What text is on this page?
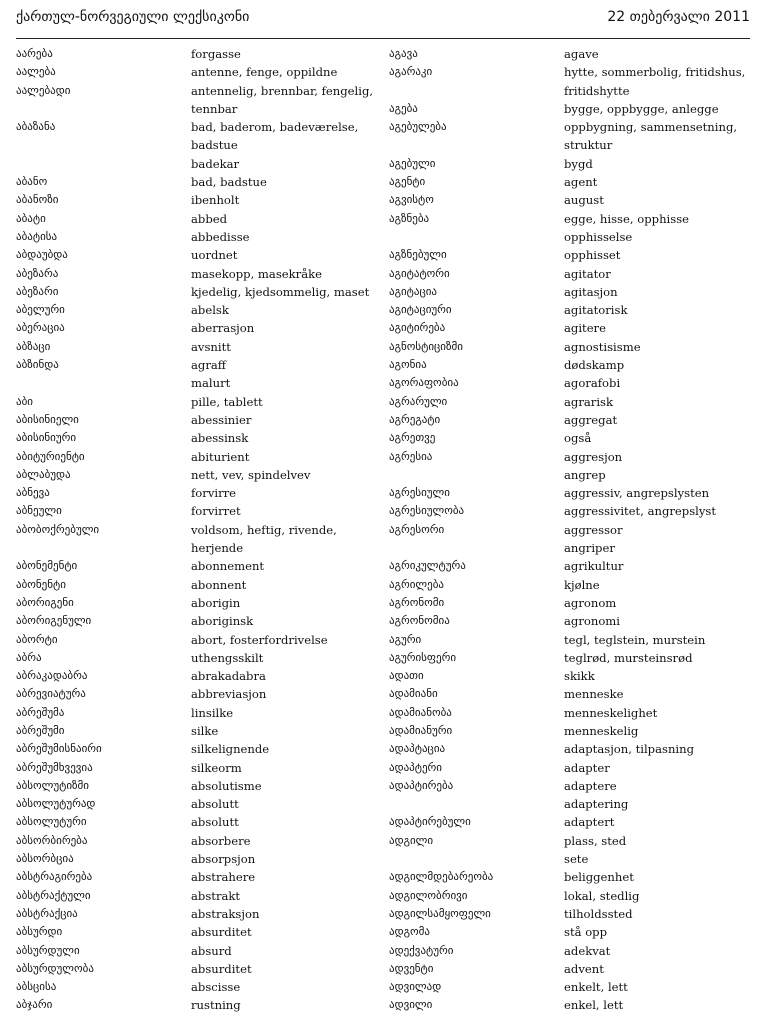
ქართულ-ნორვეგიული ლექსიკონი	22 თებერვალი 2011
აარება	forgasse
აალება	antenne, fenge, oppildne
აალებადი	antennelig, brennbar, fengelig,
tennbar
აბაზანა	bad, baderom, badeværelse,
badstue
badekar
აბანო	bad, badstue
აბანოზი	ibenholt
აბატი	abbed
აბატისა	abbedisse
აბდაუბდა	uordnet
აბეზარა	masekopp, masekråke
აბეზარი	kjedelig, kjedsommelig, maset
აბელური	abelsk
აბერაცია	aberrasjon
აბზაცი	avsnitt
აბზინდა	agraff
malurt
აბი	pille, tablett
აბისინიელი	abessinier
აბისინიური	abessinsk
აბიტურიენტი	abiturient
აბლაბუდა	nett, vev, spindelvev
აბნევა	forvirre
აბნეული	forvirret
აბობოქრებული	voldsom, heftig, rivende,
herjende
აბონემენტი	abonnement
აბონენტი	abonnent
აბორიგენი	aborigin
აბორიგენული	aboriginsk
აბორტი	abort, fosterfordrivelse
აბრა	uthengsskilt
აბრაკადაბრა	abrakadabra
აბრევიატურა	abbreviasjon
აბრეშუმა	linsilke
აბრეშუმი	silke
აბრეშუმისნაირი	silkelignende
აბრეშუმხვევია	silkeorm
აბსოლუტიზმი	absolutisme
აბსოლუტურად	absolutt
აბსოლუტური	absolutt
აბსორბირება	absorbere
აბსორბცია	absorpsjon
აბსტრაგირება	abstrahere
აბსტრაქტული	abstrakt
აბსტრაქცია	abstraksjon
აბსურდი	absurditet
აბსურდული	absurd
აბსურდულობა	absurditet
აბსცისა	abscisse
აბჯარი	rustning
აგავა	agave
აგარაკი	hytte, sommerbolig, fritidshus,
fritidshytte
აგება	bygge, oppbygge, anlegge
აგებულება	oppbygning, sammensetning,
struktur
აგებული	bygd
აგენტი	agent
აგვისტო	august
აგზნება	egge, hisse, opphisse
opphisselse
აგზნებული	opphisset
აგიტატორი	agitator
აგიტაცია	agitasjon
აგიტაციური	agitatorisk
აგიტირება	agitere
აგნოსტიციზმი	agnostisisme
აგონია	dødskamp
აგორაფობია	agorafobi
აგრარული	agrarisk
აგრეგატი	aggregat
აგრეთვე	også
აგრესია	aggresjon
angrep
აგრესიული	aggressiv, angrepslysten
აგრესიულობა	aggressivitet, angrepslyst
აგრესორი	aggressor
angriper
აგრიკულტურა	agrikultur
აგრილება	kjølne
აგრონომი	agronom
აგრონომია	agronomi
აგური	tegl, teglstein, murstein
აგურისფერი	teglrød, mursteinsrød
ადათი	skikk
ადამიანი	menneske
ადამიანობა	menneskelighet
ადამიანური	menneskelig
ადაპტაცია	adaptasjon, tilpasning
ადაპტერი	adapter
ადაპტირება	adaptere
adaptering
ადაპტირებული	adaptert
ადგილი	plass, sted
sete
ადგილმდებარეობა	beliggenhet
ადგილობრივი	lokal, stedlig
ადგილსამყოფელი	tilholdssted
ადგომა	stå opp
ადექვატური	adekvat
ადვენტი	advent
ადვილად	enkelt, lett
ადვილი	enkel, lett
